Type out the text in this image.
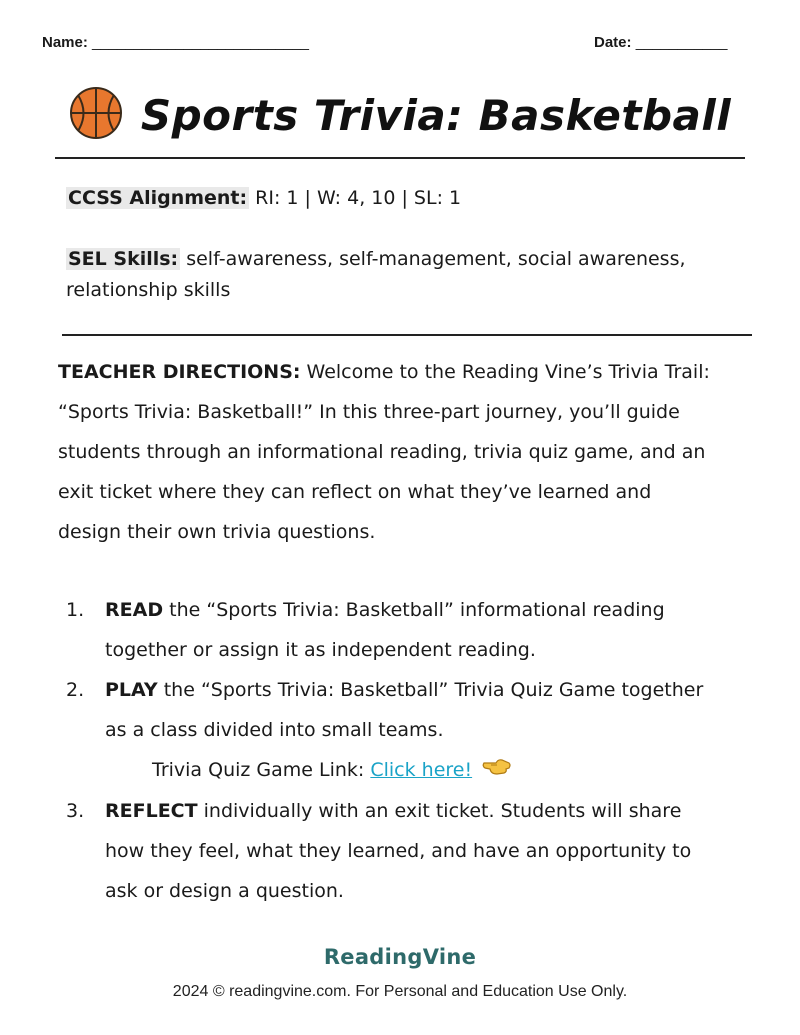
Name: __________________________	Date: ___________
Sports Trivia: Basketball
CCSS Alignment: RI: 1 | W: 4, 10 | SL: 1
SEL Skills: self-awareness, self-management, social awareness,
relationship skills
TEACHER DIRECTIONS: Welcome to the Reading Vine’s Trivia Trail:
“Sports Trivia: Basketball!” In this three-part journey, you’ll guide
students through an informational reading, trivia quiz game, and an
exit ticket where they can reflect on what they’ve learned and
design their own trivia questions.
1. READ the “Sports Trivia: Basketball” informational reading
together or assign it as independent reading.
2. PLAY the “Sports Trivia: Basketball” Trivia Quiz Game together
as a class divided into small teams.
Trivia Quiz Game Link: Click here!
3. REFLECT individually with an exit ticket. Students will share
how they feel, what they learned, and have an opportunity to
ask or design a question.
ReadingVine
2024 © readingvine.com. For Personal and Education Use Only.
